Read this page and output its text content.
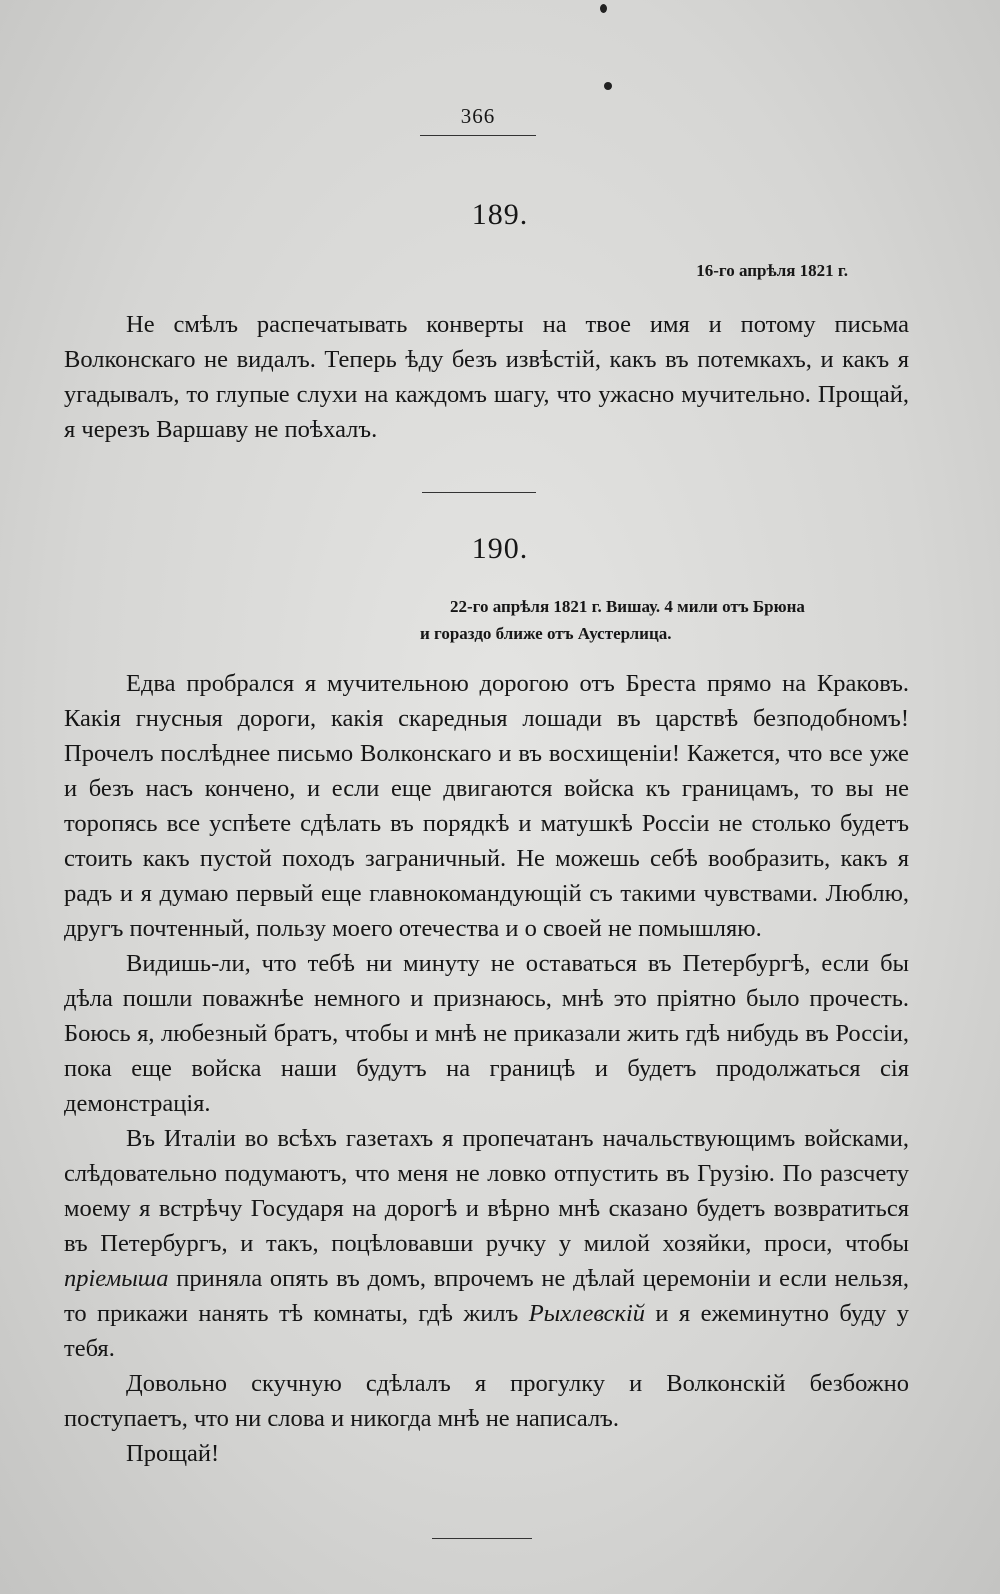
366
189.
16-го апрѣля 1821 г.

Не смѣлъ распечатывать конверты на твое имя и потому письма Волконскаго не видалъ. Теперь ѣду безъ извѣстій, какъ въ потемкахъ, и какъ я угадывалъ, то глупые слухи на каждомъ шагу, что ужасно мучительно. Прощай, я черезъ Варшаву не поѣхалъ.

190.
22-го апрѣля 1821 г. Вишау. 4 мили отъ Брюна
и гораздо ближе отъ Аустерлица.

Едва пробрался я мучительною дорогою отъ Бреста прямо на Краковъ. Какія гнусныя дороги, какія скаредныя лошади въ царствѣ безподобномъ! Прочелъ послѣднее письмо Волконскаго и въ восхищеніи! Кажется, что все уже и безъ насъ кончено, и если еще двигаются войска къ границамъ, то вы не торопясь все успѣете сдѣлать въ порядкѣ и матушкѣ Россіи не столько будетъ стоить какъ пустой походъ заграничный. Не можешь себѣ вообразить, какъ я радъ и я думаю первый еще главнокомандующій съ такими чувствами. Люблю, другъ почтенный, пользу моего отечества и о своей не помышляю.

Видишь-ли, что тебѣ ни минуту не оставаться въ Петербургѣ, если бы дѣла пошли поважнѣе немного и признаюсь, мнѣ это пріятно было прочесть. Боюсь я, любезный братъ, чтобы и мнѣ не приказали жить гдѣ нибудь въ Россіи, пока еще войска наши будутъ на границѣ и будетъ продолжаться сія демонстрація.

Въ Италіи во всѣхъ газетахъ я пропечатанъ начальствующимъ войсками, слѣдовательно подумаютъ, что меня не ловко отпустить въ Грузію. По разсчету моему я встрѣчу Государя на дорогѣ и вѣрно мнѣ сказано будетъ возвратиться въ Петербургъ, и такъ, поцѣловавши ручку у милой хозяйки, проси, чтобы пріемыша приняла опять въ домъ, впрочемъ не дѣлай церемоніи и если нельзя, то прикажи нанять тѣ комнаты, гдѣ жилъ Рыхлевскій и я ежеминутно буду у тебя.

Довольно скучную сдѣлалъ я прогулку и Волконскій безбожно поступаетъ, что ни слова и никогда мнѣ не написалъ.

Прощай!
